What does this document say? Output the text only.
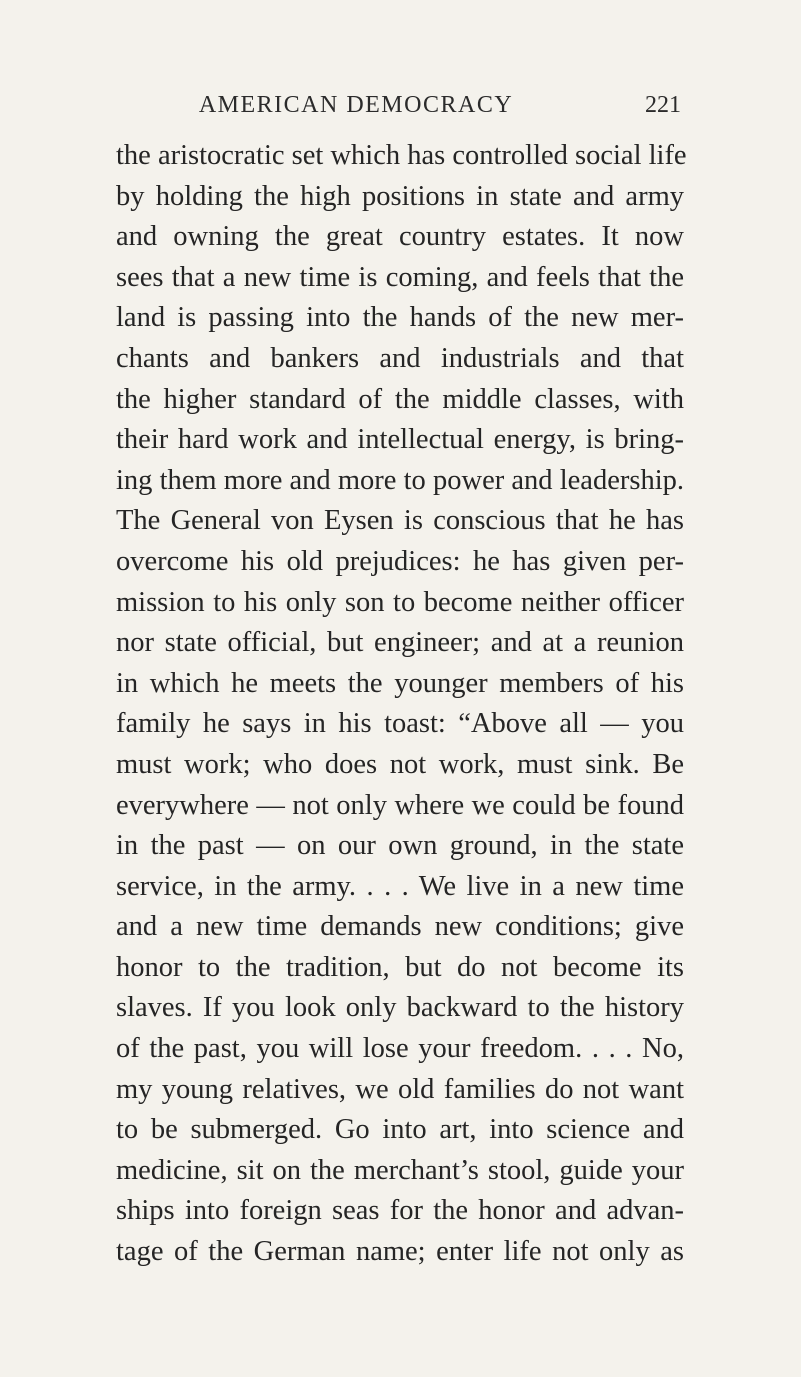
AMERICAN DEMOCRACY	221
the aristocratic set which has controlled social life
by holding the high positions in state and army
and owning the great country estates. It now
sees that a new time is coming, and feels that the
land is passing into the hands of the new mer-
chants and bankers and industrials and that
the higher standard of the middle classes, with
their hard work and intellectual energy, is bring-
ing them more and more to power and leadership.
The General von Eysen is conscious that he has
overcome his old prejudices: he has given per-
mission to his only son to become neither officer
nor state official, but engineer; and at a reunion
in which he meets the younger members of his
family he says in his toast: “Above all — you
must work; who does not work, must sink. Be
everywhere — not only where we could be found
in the past — on our own ground, in the state
service, in the army. . . . We live in a new time
and a new time demands new conditions; give
honor to the tradition, but do not become its
slaves. If you look only backward to the history
of the past, you will lose your freedom. . . . No,
my young relatives, we old families do not want
to be submerged. Go into art, into science and
medicine, sit on the merchant’s stool, guide your
ships into foreign seas for the honor and advan-
tage of the German name; enter life not only as
